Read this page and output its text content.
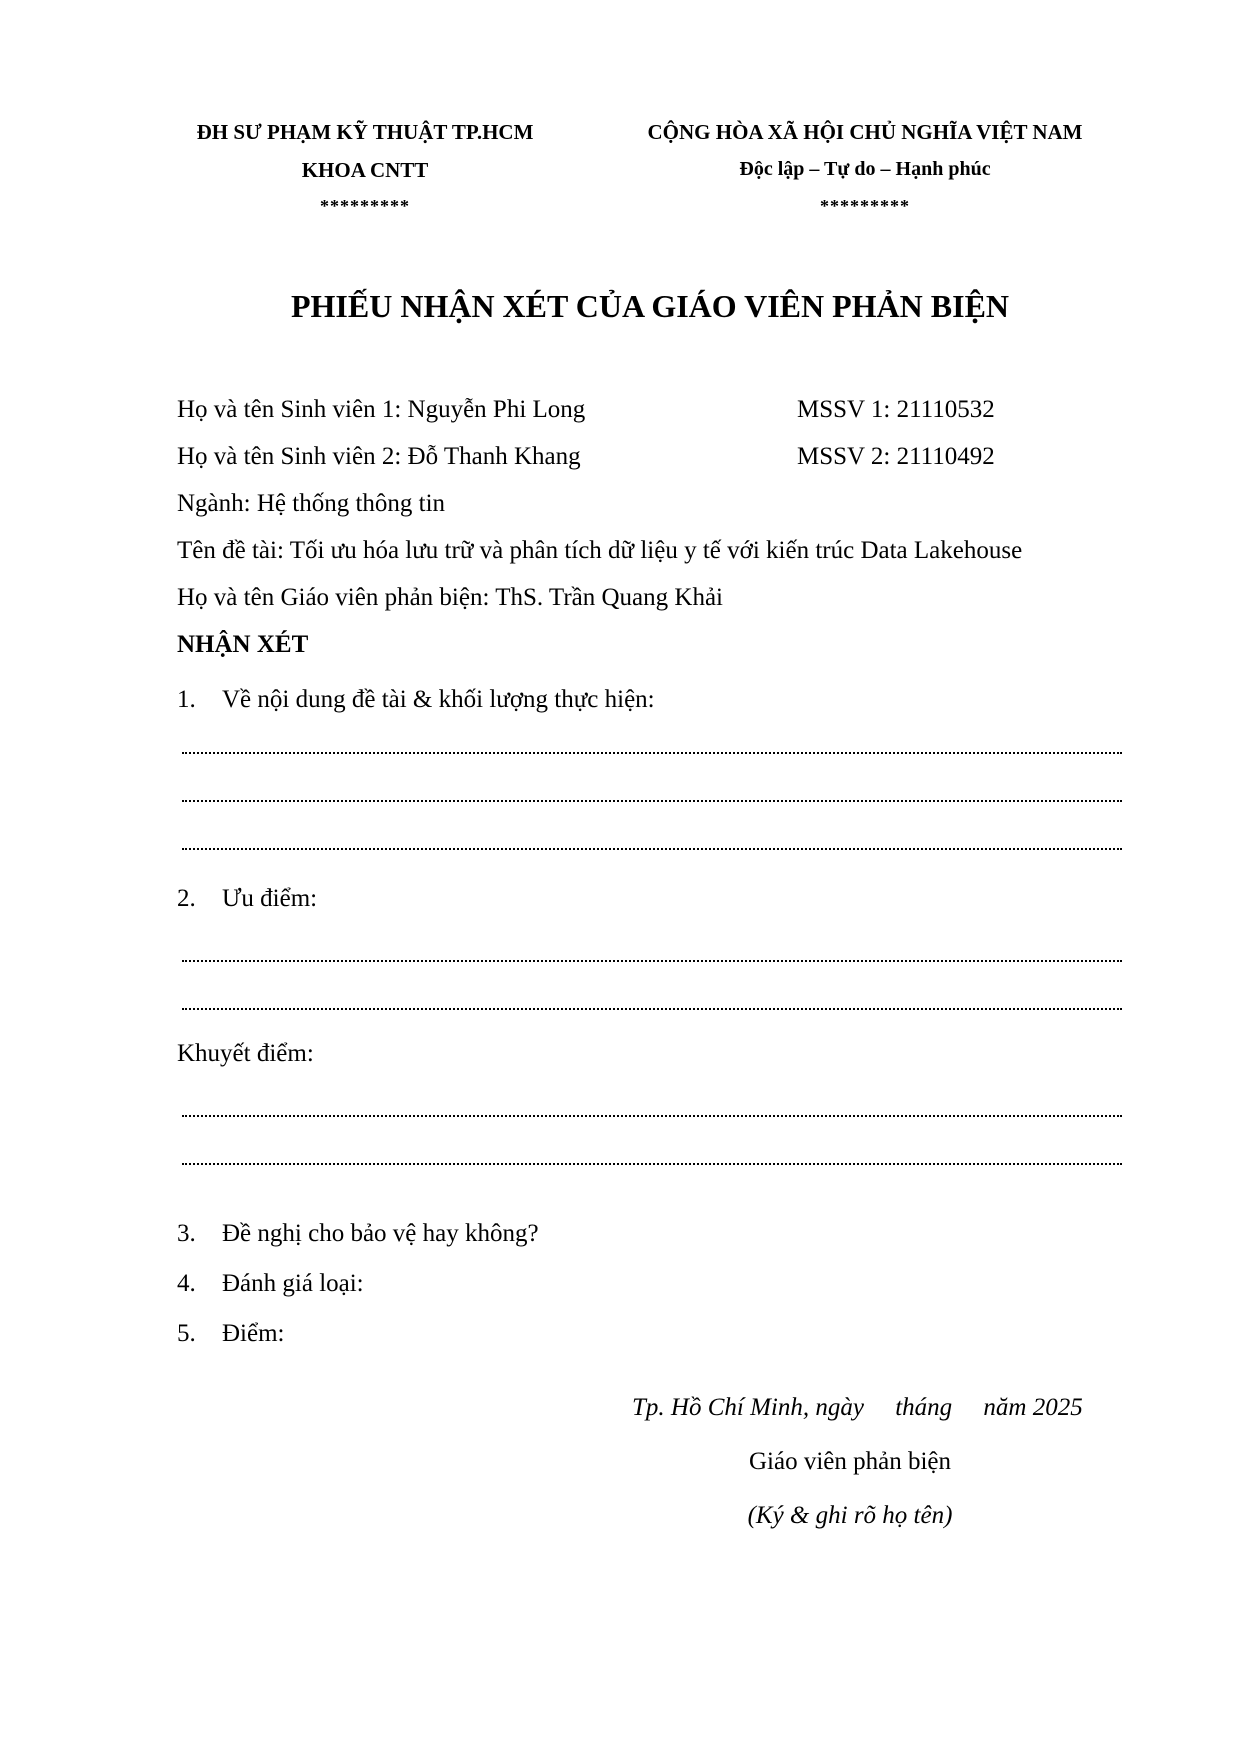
ĐH SƯ PHẠM KỸ THUẬT TP.HCM
KHOA CNTT
*********
CỘNG HÒA XÃ HỘI CHỦ NGHĨA VIỆT NAM
Độc lập – Tự do – Hạnh phúc
*********
PHIẾU NHẬN XÉT CỦA GIÁO VIÊN PHẢN BIỆN
Họ và tên Sinh viên 1: Nguyễn Phi Long	MSSV 1: 21110532
Họ và tên Sinh viên 2: Đỗ Thanh Khang	MSSV 2: 21110492
Ngành: Hệ thống thông tin
Tên đề tài: Tối ưu hóa lưu trữ và phân tích dữ liệu y tế với kiến trúc Data Lakehouse
Họ và tên Giáo viên phản biện: ThS. Trần Quang Khải
NHẬN XÉT
1. Về nội dung đề tài & khối lượng thực hiện:
2. Ưu điểm:
Khuyết điểm:
3. Đề nghị cho bảo vệ hay không?
4. Đánh giá loại:
5. Điểm:
Tp. Hồ Chí Minh, ngày     tháng     năm 2025
Giáo viên phản biện
(Ký & ghi rõ họ tên)
